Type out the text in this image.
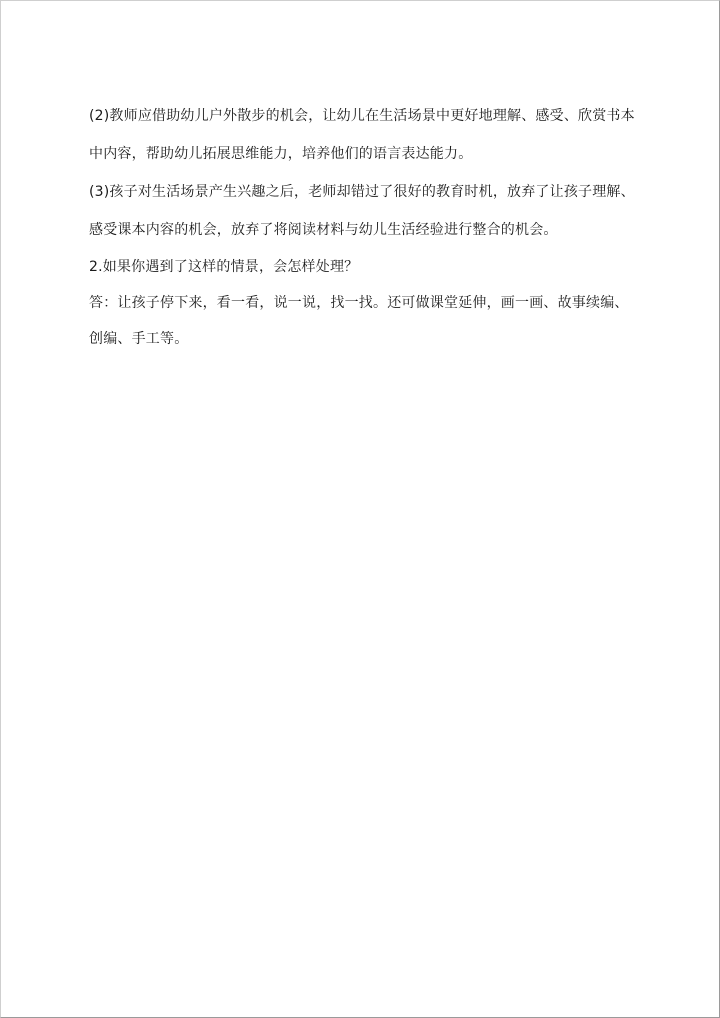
(2)教师应借助幼儿户外散步的机会，让幼儿在生活场景中更好地理解、感受、欣赏书本中内容，帮助幼儿拓展思维能力，培养他们的语言表达能力。

(3)孩子对生活场景产生兴趣之后，老师却错过了很好的教育时机，放弃了让孩子理解、感受课本内容的机会，放弃了将阅读材料与幼儿生活经验进行整合的机会。

2.如果你遇到了这样的情景，会怎样处理？

答：让孩子停下来，看一看，说一说，找一找。还可做课堂延伸，画一画、故事续编、创编、手工等。
